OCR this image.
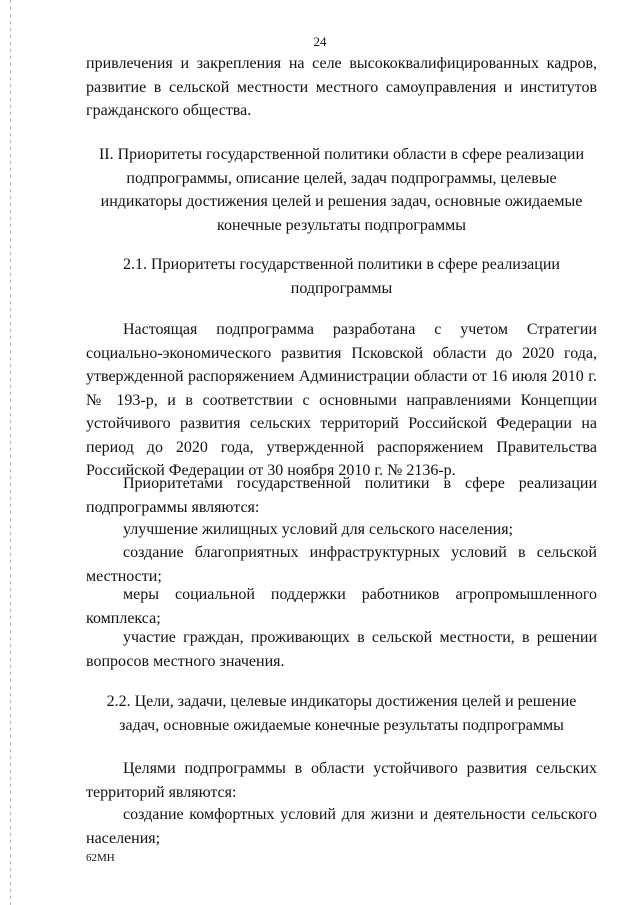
24
привлечения и закрепления на селе высококвалифицированных кадров, развитие в сельской местности местного самоуправления и институтов гражданского общества.
II. Приоритеты государственной политики области в сфере реализации
подпрограммы, описание целей, задач подпрограммы, целевые
индикаторы достижения целей и решения задач, основные ожидаемые
конечные результаты подпрограммы
2.1. Приоритеты государственной политики в сфере реализации
подпрограммы
Настоящая подпрограмма разработана с учетом Стратегии социально-экономического развития Псковской области до 2020 года, утвержденной распоряжением Администрации области от 16 июля 2010 г. № 193-р, и в соответствии с основными направлениями Концепции устойчивого развития сельских территорий Российской Федерации на период до 2020 года, утвержденной распоряжением Правительства Российской Федерации от 30 ноября 2010 г. № 2136-р.
Приоритетами государственной политики в сфере реализации подпрограммы являются:
улучшение жилищных условий для сельского населения;
создание благоприятных инфраструктурных условий в сельской местности;
меры социальной поддержки работников агропромышленного комплекса;
участие граждан, проживающих в сельской местности, в решении вопросов местного значения.
2.2. Цели, задачи, целевые индикаторы достижения целей и решение
задач, основные ожидаемые конечные результаты подпрограммы
Целями подпрограммы в области устойчивого развития сельских территорий являются:
создание комфортных условий для жизни и деятельности сельского населения;
62МН
